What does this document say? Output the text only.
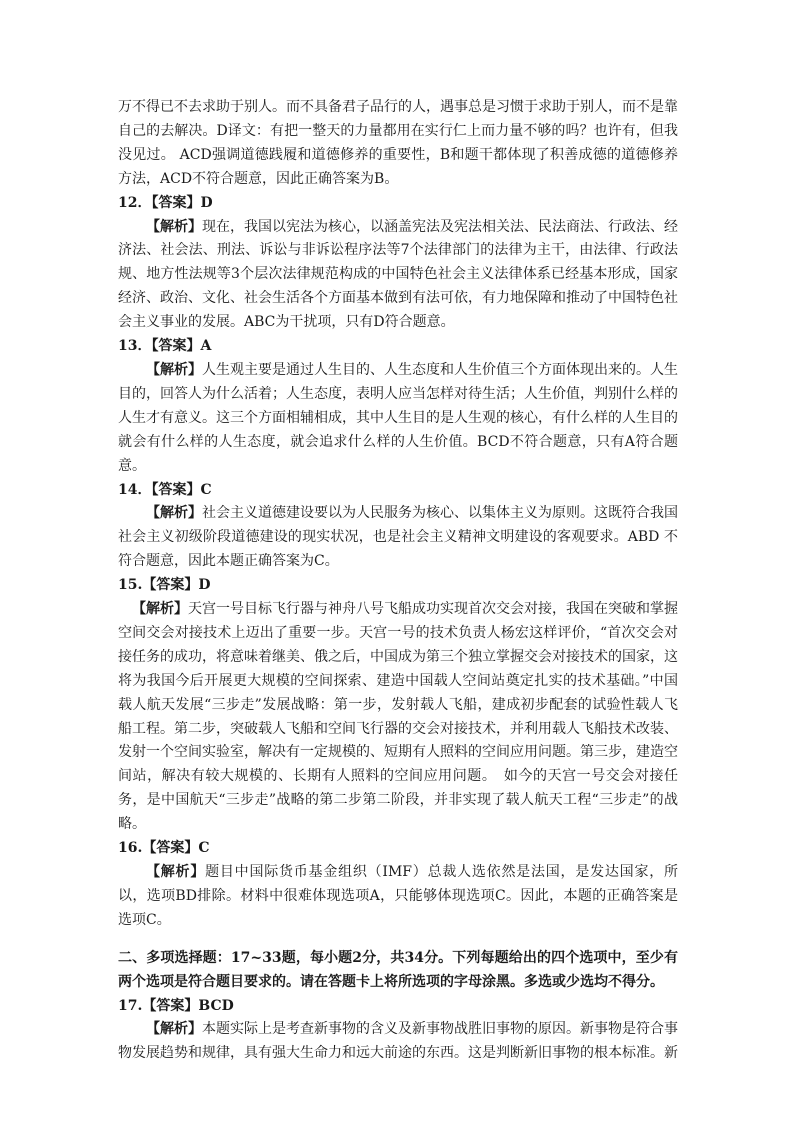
万不得已不去求助于别人。而不具备君子品行的人，遇事总是习惯于求助于别人，而不是靠自己的去解决。D译文：有把一整天的力量都用在实行仁上而力量不够的吗？也许有，但我没见过。 ACD强调道德践履和道德修养的重要性，B和题干都体现了积善成德的道德修养方法，ACD不符合题意，因此正确答案为B。

12．【答案】D

【解析】现在，我国以宪法为核心，以涵盖宪法及宪法相关法、民法商法、行政法、经济法、社会法、刑法、诉讼与非诉讼程序法等7个法律部门的法律为主干，由法律、行政法规、地方性法规等3个层次法律规范构成的中国特色社会主义法律体系已经基本形成，国家经济、政治、文化、社会生活各个方面基本做到有法可依，有力地保障和推动了中国特色社会主义事业的发展。ABC为干扰项，只有D符合题意。

13．【答案】A

【解析】人生观主要是通过人生目的、人生态度和人生价值三个方面体现出来的。人生目的，回答人为什么活着；人生态度，表明人应当怎样对待生活；人生价值，判别什么样的人生才有意义。这三个方面相辅相成，其中人生目的是人生观的核心，有什么样的人生目的就会有什么样的人生态度，就会追求什么样的人生价值。BCD不符合题意，只有A符合题意。

14．【答案】C

【解析】社会主义道德建设要以为人民服务为核心、以集体主义为原则。这既符合我国社会主义初级阶段道德建设的现实状况，也是社会主义精神文明建设的客观要求。ABD 不符合题意，因此本题正确答案为C。

15.【答案】D

【解析】天宫一号目标飞行器与神舟八号飞船成功实现首次交会对接，我国在突破和掌握空间交会对接技术上迈出了重要一步。天宫一号的技术负责人杨宏这样评价，“首次交会对接任务的成功，将意味着继美、俄之后，中国成为第三个独立掌握交会对接技术的国家，这将为我国今后开展更大规模的空间探索、建造中国载人空间站奠定扎实的技术基础。”中国载人航天发展“三步走”发展战略：第一步，发射载人飞船，建成初步配套的试验性载人飞船工程。第二步，突破载人飞船和空间飞行器的交会对接技术，并利用载人飞船技术改装、发射一个空间实验室，解决有一定规模的、短期有人照料的空间应用问题。第三步，建造空间站，解决有较大规模的、长期有人照料的空间应用问题。　如今的天宫一号交会对接任务，是中国航天“三步走”战略的第二步第二阶段，并非实现了载人航天工程“三步走”的战略。

16.【答案】C

【解析】题目中国际货币基金组织（IMF）总裁人选依然是法国，是发达国家，所以，选项BD排除。材料中很难体现选项A，只能够体现选项C。因此，本题的正确答案是选项C。

二、多项选择题：17~33题，每小题2分，共34分。下列每题给出的四个选项中，至少有两个选项是符合题目要求的。请在答题卡上将所选项的字母涂黑。多选或少选均不得分。

17.【答案】BCD

【解析】本题实际上是考查新事物的含义及新事物战胜旧事物的原因。新事物是符合事物发展趋势和规律，具有强大生命力和远大前途的东西。这是判断新旧事物的根本标准。新
